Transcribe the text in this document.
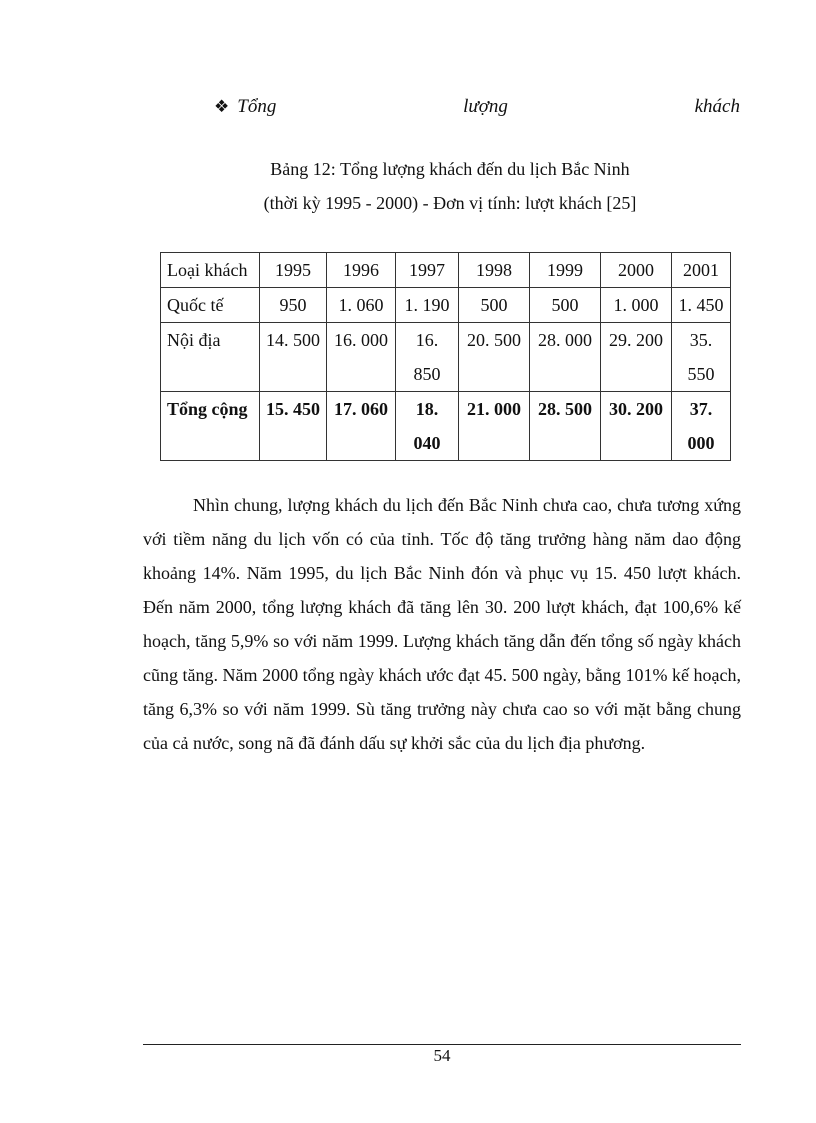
❖ Tổng	lượng	khách
Bảng 12: Tổng lượng khách đến du lịch Bắc Ninh
(thời kỳ 1995 - 2000) - Đơn vị tính: lượt khách [25]
Loại khách	1995	1996	1997	1998	1999	2000	2001
Quốc tế	950	1. 060	1. 190	500	500	1. 000	1. 450
Nội địa	14. 500	16. 000	16. 850	20. 500	28. 000	29. 200	35. 550
Tổng cộng	15. 450	17. 060	18. 040	21. 000	28. 500	30. 200	37. 000

Nhìn chung, lượng khách du lịch đến Bắc Ninh chưa cao, chưa tương xứng với tiềm năng du lịch vốn có của tỉnh. Tốc độ tăng trưởng hàng năm dao động khoảng 14%. Năm 1995, du lịch Bắc Ninh đón và phục vụ 15. 450 lượt khách. Đến năm 2000, tổng lượng khách đã tăng lên 30. 200 lượt khách, đạt 100,6% kế hoạch, tăng 5,9% so với năm 1999. Lượng khách tăng dẫn đến tổng số ngày khách cũng tăng. Năm 2000 tổng ngày khách ước đạt 45. 500 ngày, bằng 101% kế hoạch, tăng 6,3% so với năm 1999. Sù tăng trưởng này chưa cao so với mặt bằng chung của cả nước, song nã đã đánh dấu sự khởi sắc của du lịch địa phương.

54
